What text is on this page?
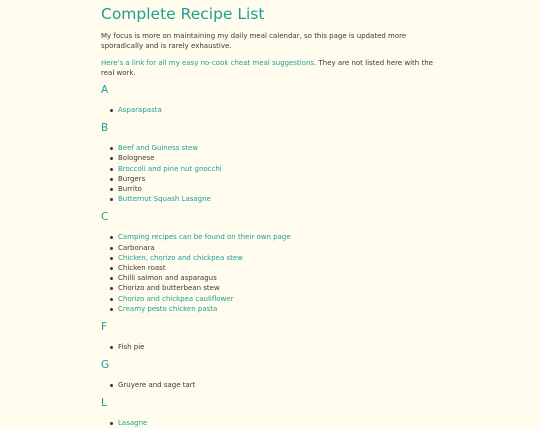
Complete Recipe List

My focus is more on maintaining my daily meal calendar, so this page is updated more sporadically and is rarely exhaustive.

Here's a link for all my easy no-cook cheat meal suggestions. They are not listed here with the real work.

A
Asparapasta
B
Beef and Guiness stew
Bolognese
Broccoli and pine nut gnocchi
Burgers
Burrito
Butternut Squash Lasagne
C
Camping recipes can be found on their own page
Carbonara
Chicken, chorizo and chickpea stew
Chicken roast
Chilli salmon and asparagus
Chorizo and butterbean stew
Chorizo and chickpea cauliflower
Creamy pesto chicken pasta
F
Fish pie
G
Gruyere and sage tart
L
Lasagne
